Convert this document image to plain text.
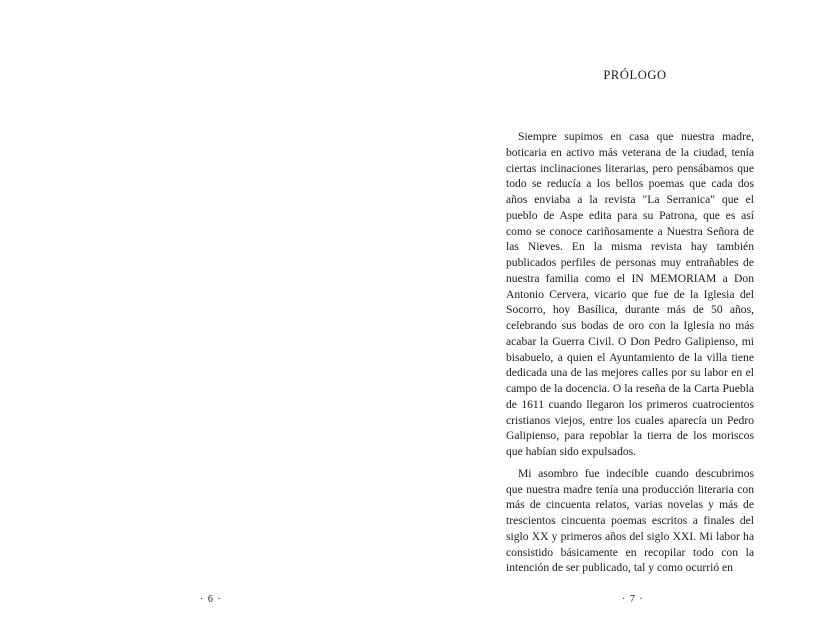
· 6 ·
PRÓLOGO

Siempre supimos en casa que nuestra madre, boticaria en activo más veterana de la ciudad, tenía ciertas inclinaciones literarias, pero pensábamos que todo se reducía a los bellos poemas que cada dos años enviaba a la revista "La Serranica" que el pueblo de Aspe edita para su Patrona, que es así como se conoce cariñosamente a Nuestra Señora de las Nieves. En la misma revista hay también publicados perfiles de personas muy entrañables de nuestra familia como el IN MEMORIAM a Don Antonio Cervera, vicario que fue de la Iglesia del Socorro, hoy Basílica, durante más de 50 años, celebrando sus bodas de oro con la Iglesia no más acabar la Guerra Civil. O Don Pedro Galipienso, mi bisabuelo, a quien el Ayuntamiento de la villa tiene dedicada una de las mejores calles por su labor en el campo de la docencia. O la reseña de la Carta Puebla de 1611 cuando llegaron los primeros cuatrocientos cristianos viejos, entre los cuales aparecía un Pedro Galipienso, para repoblar la tierra de los moriscos que habían sido expulsados.

Mi asombro fue indecible cuando descubrimos que nuestra madre tenía una producción literaria con más de cincuenta relatos, varias novelas y más de trescientos cincuenta poemas escritos a finales del siglo XX y primeros años del siglo XXI. Mi labor ha consistido básicamente en recopilar todo con la intención de ser publicado, tal y como ocurrió en

· 7 ·
